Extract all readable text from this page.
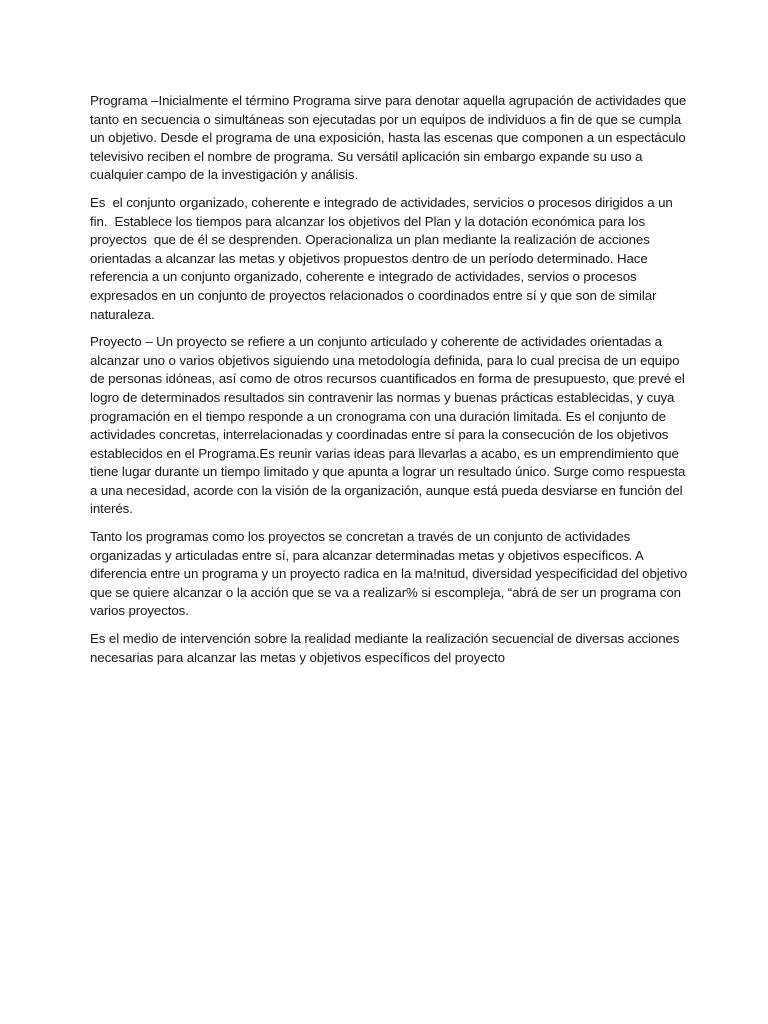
Programa –Inicialmente el término Programa sirve para denotar aquella agrupación de actividades que tanto en secuencia o simultáneas son ejecutadas por un equipos de individuos a fin de que se cumpla un objetivo. Desde el programa de una exposición, hasta las escenas que componen a un espectáculo televisivo reciben el nombre de programa. Su versátil aplicación sin embargo expande su uso a cualquier campo de la investigación y análisis.

Es  el conjunto organizado, coherente e integrado de actividades, servicios o procesos dirigidos a un fin.  Establece los tiempos para alcanzar los objetivos del Plan y la dotación económica para los proyectos  que de él se desprenden. Operacionaliza un plan mediante la realización de acciones orientadas a alcanzar las metas y objetivos propuestos dentro de un período determinado. Hace referencia a un conjunto organizado, coherente e integrado de actividades, servios o procesos expresados en un conjunto de proyectos relacionados o coordinados entre sí y que son de similar naturaleza.

Proyecto – Un proyecto se refiere a un conjunto articulado y coherente de actividades orientadas a alcanzar uno o varios objetivos siguiendo una metodología definida, para lo cual precisa de un equipo de personas idóneas, así como de otros recursos cuantificados en forma de presupuesto, que prevé el logro de determinados resultados sin contravenir las normas y buenas prácticas establecidas, y cuya programación en el tiempo responde a un cronograma con una duración limitada. Es el conjunto de actividades concretas, interrelacionadas y coordinadas entre sí para la consecución de los objetivos establecidos en el Programa.Es reunir varias ideas para llevarlas a acabo, es un emprendimiento que tiene lugar durante un tiempo limitado y que apunta a lograr un resultado único. Surge como respuesta a una necesidad, acorde con la visión de la organización, aunque está pueda desviarse en función del interés.

Tanto los programas como los proyectos se concretan a través de un conjunto de actividades organizadas y articuladas entre sí, para alcanzar determinadas metas y objetivos específicos. A diferencia entre un programa y un proyecto radica en la ma!nitud, diversidad yespecificidad del objetivo que se quiere alcanzar o la acción que se va a realizar% si escompleja, “abrá de ser un programa con varios proyectos.

Es el medio de intervención sobre la realidad mediante la realización secuencial de diversas acciones necesarias para alcanzar las metas y objetivos específicos del proyecto
